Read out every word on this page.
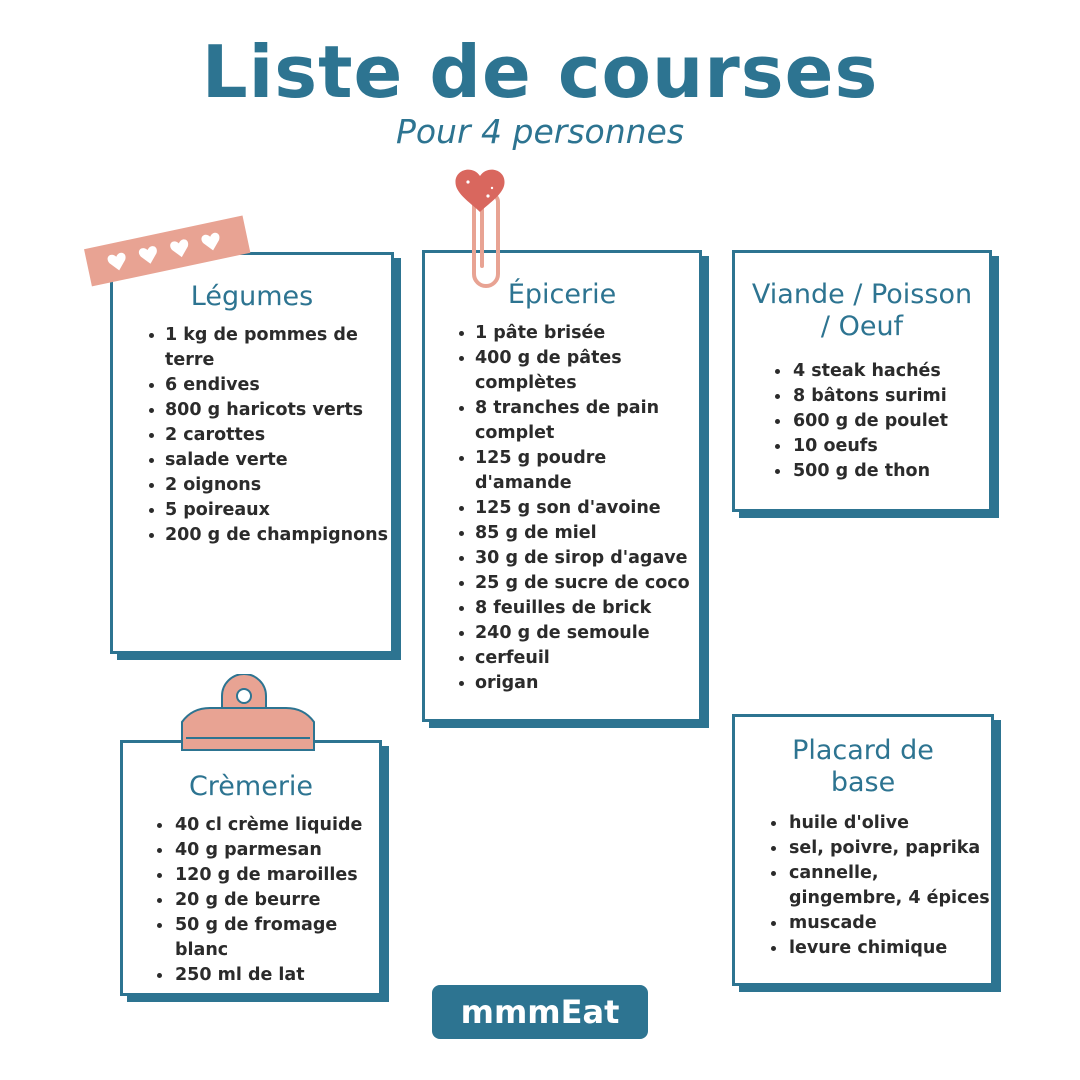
Liste de courses
Pour 4 personnes
Légumes
1 kg de pommes de terre
6 endives
800 g haricots verts
2 carottes
salade verte
2 oignons
5 poireaux
200 g de champignons
Épicerie
1 pâte brisée
400 g de pâtes complètes
8 tranches de pain complet
125 g poudre d'amande
125 g son d'avoine
85 g de miel
30 g de sirop d'agave
25 g de sucre de coco
8 feuilles de brick
240 g de semoule
cerfeuil
origan
Viande / Poisson / Oeuf
4 steak hachés
8 bâtons surimi
600 g de poulet
10 oeufs
500 g de thon
Crèmerie
40 cl crème liquide
40 g parmesan
120 g de maroilles
20 g de beurre
50 g de fromage blanc
250 ml de lat
Placard de base
huile d'olive
sel, poivre, paprika
cannelle, gingembre, 4 épices
muscade
levure chimique
mmmEat
